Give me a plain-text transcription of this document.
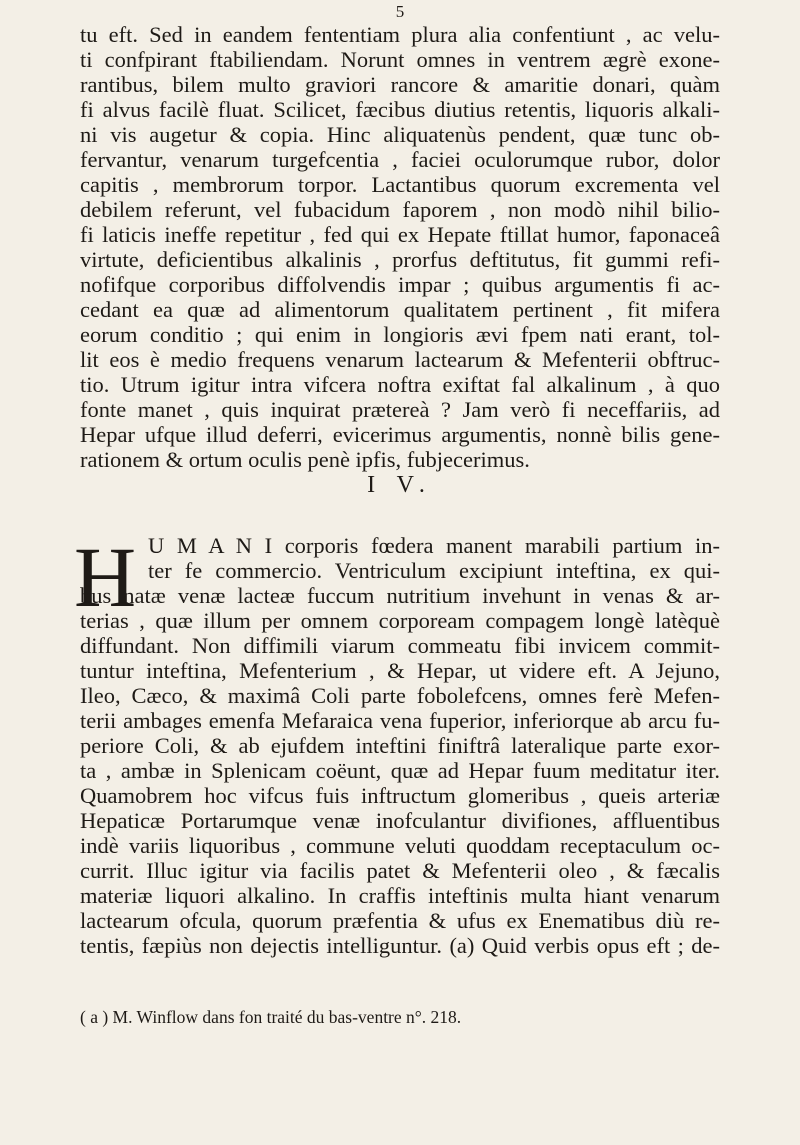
5
tu eft. Sed in eandem fententiam plura alia confentiunt , ac velu-
ti confpirant ftabiliendam. Norunt omnes in ventrem ægrè exone-
rantibus, bilem multo graviori rancore & amaritie donari, quàm
fi alvus facilè fluat. Scilicet, fæcibus diutius retentis, liquoris alkali-
ni vis augetur & copia. Hinc aliquatenùs pendent, quæ tunc ob-
fervantur, venarum turgefcentia , faciei oculorumque rubor, dolor
capitis , membrorum torpor. Lactantibus quorum excrementa vel
debilem referunt, vel fubacidum faporem , non modò nihil bilio-
fi laticis ineffe repetitur , fed qui ex Hepate ftillat humor, faponaceâ
virtute, deficientibus alkalinis , prorfus deftitutus, fit gummi refi-
nofifque corporibus diffolvendis impar ; quibus argumentis fi ac-
cedant ea quæ ad alimentorum qualitatem pertinent , fit mifera
eorum conditio ; qui enim in longioris ævi fpem nati erant, tol-
lit eos è medio frequens venarum lactearum & Mefenterii obftruc-
tio. Utrum igitur intra vifcera noftra exiftat fal alkalinum , à quo
fonte manet , quis inquirat prætereà ? Jam verò fi neceffariis, ad
Hepar ufque illud deferri, evicerimus argumentis, nonnè bilis gene-
rationem & ortum oculis penè ipfis, fubjecerimus.
I V.
H U M A N I corporis fœdera manent marabili partium in-
ter fe commercio. Ventriculum excipiunt inteftina, ex qui-
bus natæ venæ lacteæ fuccum nutritium invehunt in venas & ar-
terias , quæ illum per omnem corpoream compagem longè latèquè
diffundant. Non diffimili viarum commeatu fibi invicem commit-
tuntur inteftina, Mefenterium , & Hepar, ut videre eft. A Jejuno,
Ileo, Cæco, & maximâ Coli parte fobolefcens, omnes ferè Mefen-
terii ambages emenfa Mefaraica vena fuperior, inferiorque ab arcu fu-
periore Coli, & ab ejufdem inteftini finiftrâ lateralique parte exor-
ta , ambæ in Splenicam coëunt, quæ ad Hepar fuum meditatur iter.
Quamobrem hoc vifcus fuis inftructum glomeribus , queis arteriæ
Hepaticæ Portarumque venæ inofculantur divifiones, affluentibus
indè variis liquoribus , commune veluti quoddam receptaculum oc-
currit. Illuc igitur via facilis patet & Mefenterii oleo , & fæcalis
materiæ liquori alkalino. In craffis inteftinis multa hiant venarum
lactearum ofcula, quorum præfentia & ufus ex Enematibus diù re-
tentis, fæpiùs non dejectis intelliguntur. (a) Quid verbis opus eft ; de-
( a ) M. Winflow dans fon traité du bas-ventre n°. 218.
